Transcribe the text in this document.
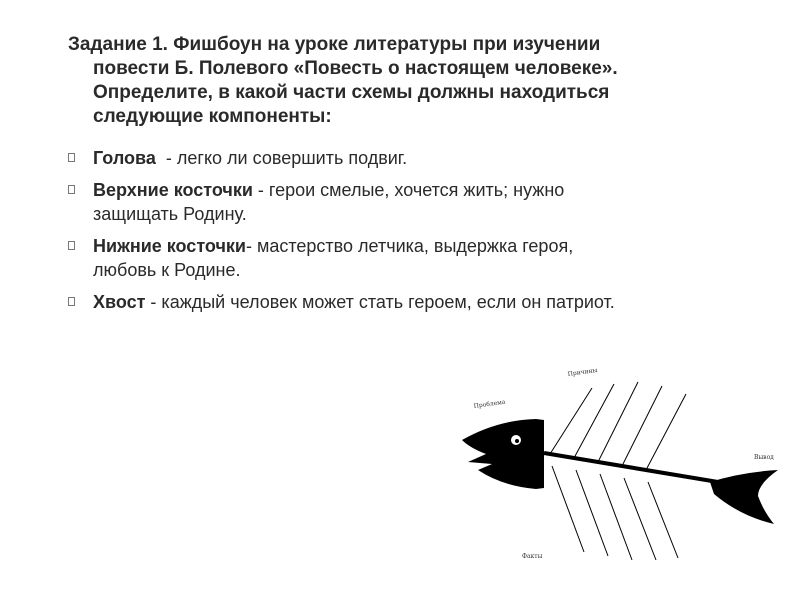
Задание 1. Фишбоун на уроке литературы при изучении
повести Б. Полевого «Повесть о настоящем человеке».
Определите, в какой части схемы должны находиться
следующие компоненты:
Голова  - легко ли совершить подвиг.
Верхние косточки - герои смелые, хочется жить; нужно
защищать Родину.
Нижние косточки- мастерство летчика, выдержка героя,
любовь к Родине.
Хвост - каждый человек может стать героем, если он патриот.
Причины
Проблема
Вывод
Факты
